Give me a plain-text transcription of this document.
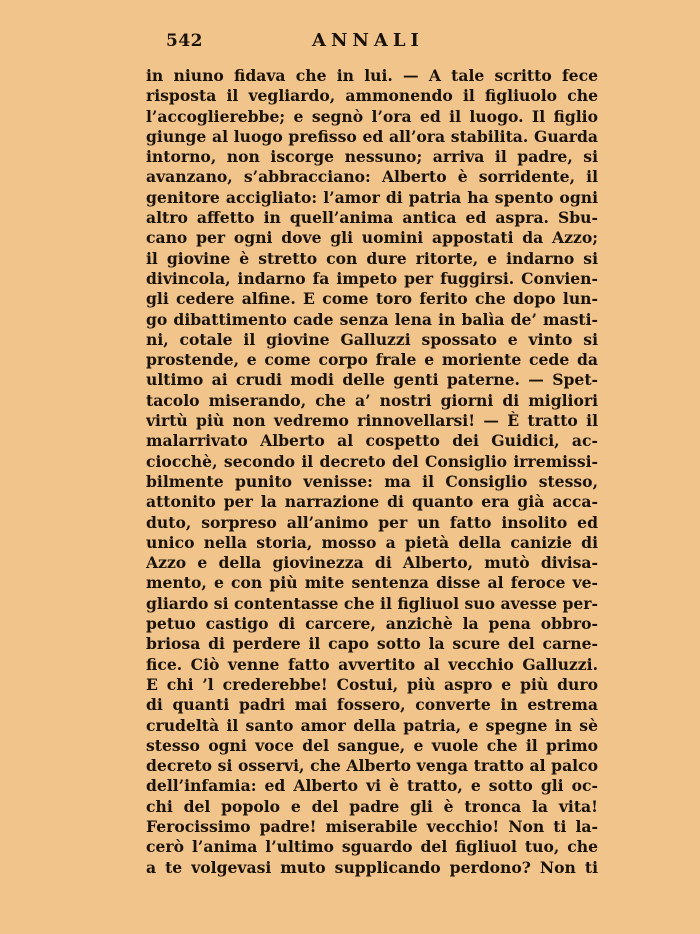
542	ANNALI
in niuno fidava che in lui. — A tale scritto fece
risposta il vegliardo, ammonendo il figliuolo che
l’accoglierebbe; e segnò l’ora ed il luogo. Il figlio
giunge al luogo prefisso ed all’ora stabilita. Guarda
intorno, non iscorge nessuno; arriva il padre, si
avanzano, s’abbracciano: Alberto è sorridente, il
genitore accigliato: l’amor di patria ha spento ogni
altro affetto in quell’anima antica ed aspra. Sbu-
cano per ogni dove gli uomini appostati da Azzo;
il giovine è stretto con dure ritorte, e indarno si
divincola, indarno fa impeto per fuggirsi. Convien-
gli cedere alfine. E come toro ferito che dopo lun-
go dibattimento cade senza lena in balìa de’ masti-
ni, cotale il giovine Galluzzi spossato e vinto si
prostende, e come corpo frale e moriente cede da
ultimo ai crudi modi delle genti paterne. — Spet-
tacolo miserando, che a’ nostri giorni di migliori
virtù più non vedremo rinnovellarsi! — È tratto il
malarrivato Alberto al cospetto dei Guidici, ac-
ciocchè, secondo il decreto del Consiglio irremissi-
bilmente punito venisse: ma il Consiglio stesso,
attonito per la narrazione di quanto era già acca-
duto, sorpreso all’animo per un fatto insolito ed
unico nella storia, mosso a pietà della canizie di
Azzo e della giovinezza di Alberto, mutò divisa-
mento, e con più mite sentenza disse al feroce ve-
gliardo si contentasse che il figliuol suo avesse per-
petuo castigo di carcere, anzichè la pena obbro-
briosa di perdere il capo sotto la scure del carne-
fice. Ciò venne fatto avvertito al vecchio Galluzzi.
E chi ’l crederebbe! Costui, più aspro e più duro
di quanti padri mai fossero, converte in estrema
crudeltà il santo amor della patria, e spegne in sè
stesso ogni voce del sangue, e vuole che il primo
decreto si osservi, che Alberto venga tratto al palco
dell’infamia: ed Alberto vi è tratto, e sotto gli oc-
chi del popolo e del padre gli è tronca la vita!
Ferocissimo padre! miserabile vecchio! Non ti la-
cerò l’anima l’ultimo sguardo del figliuol tuo, che
a te volgevasi muto supplicando perdono? Non ti
